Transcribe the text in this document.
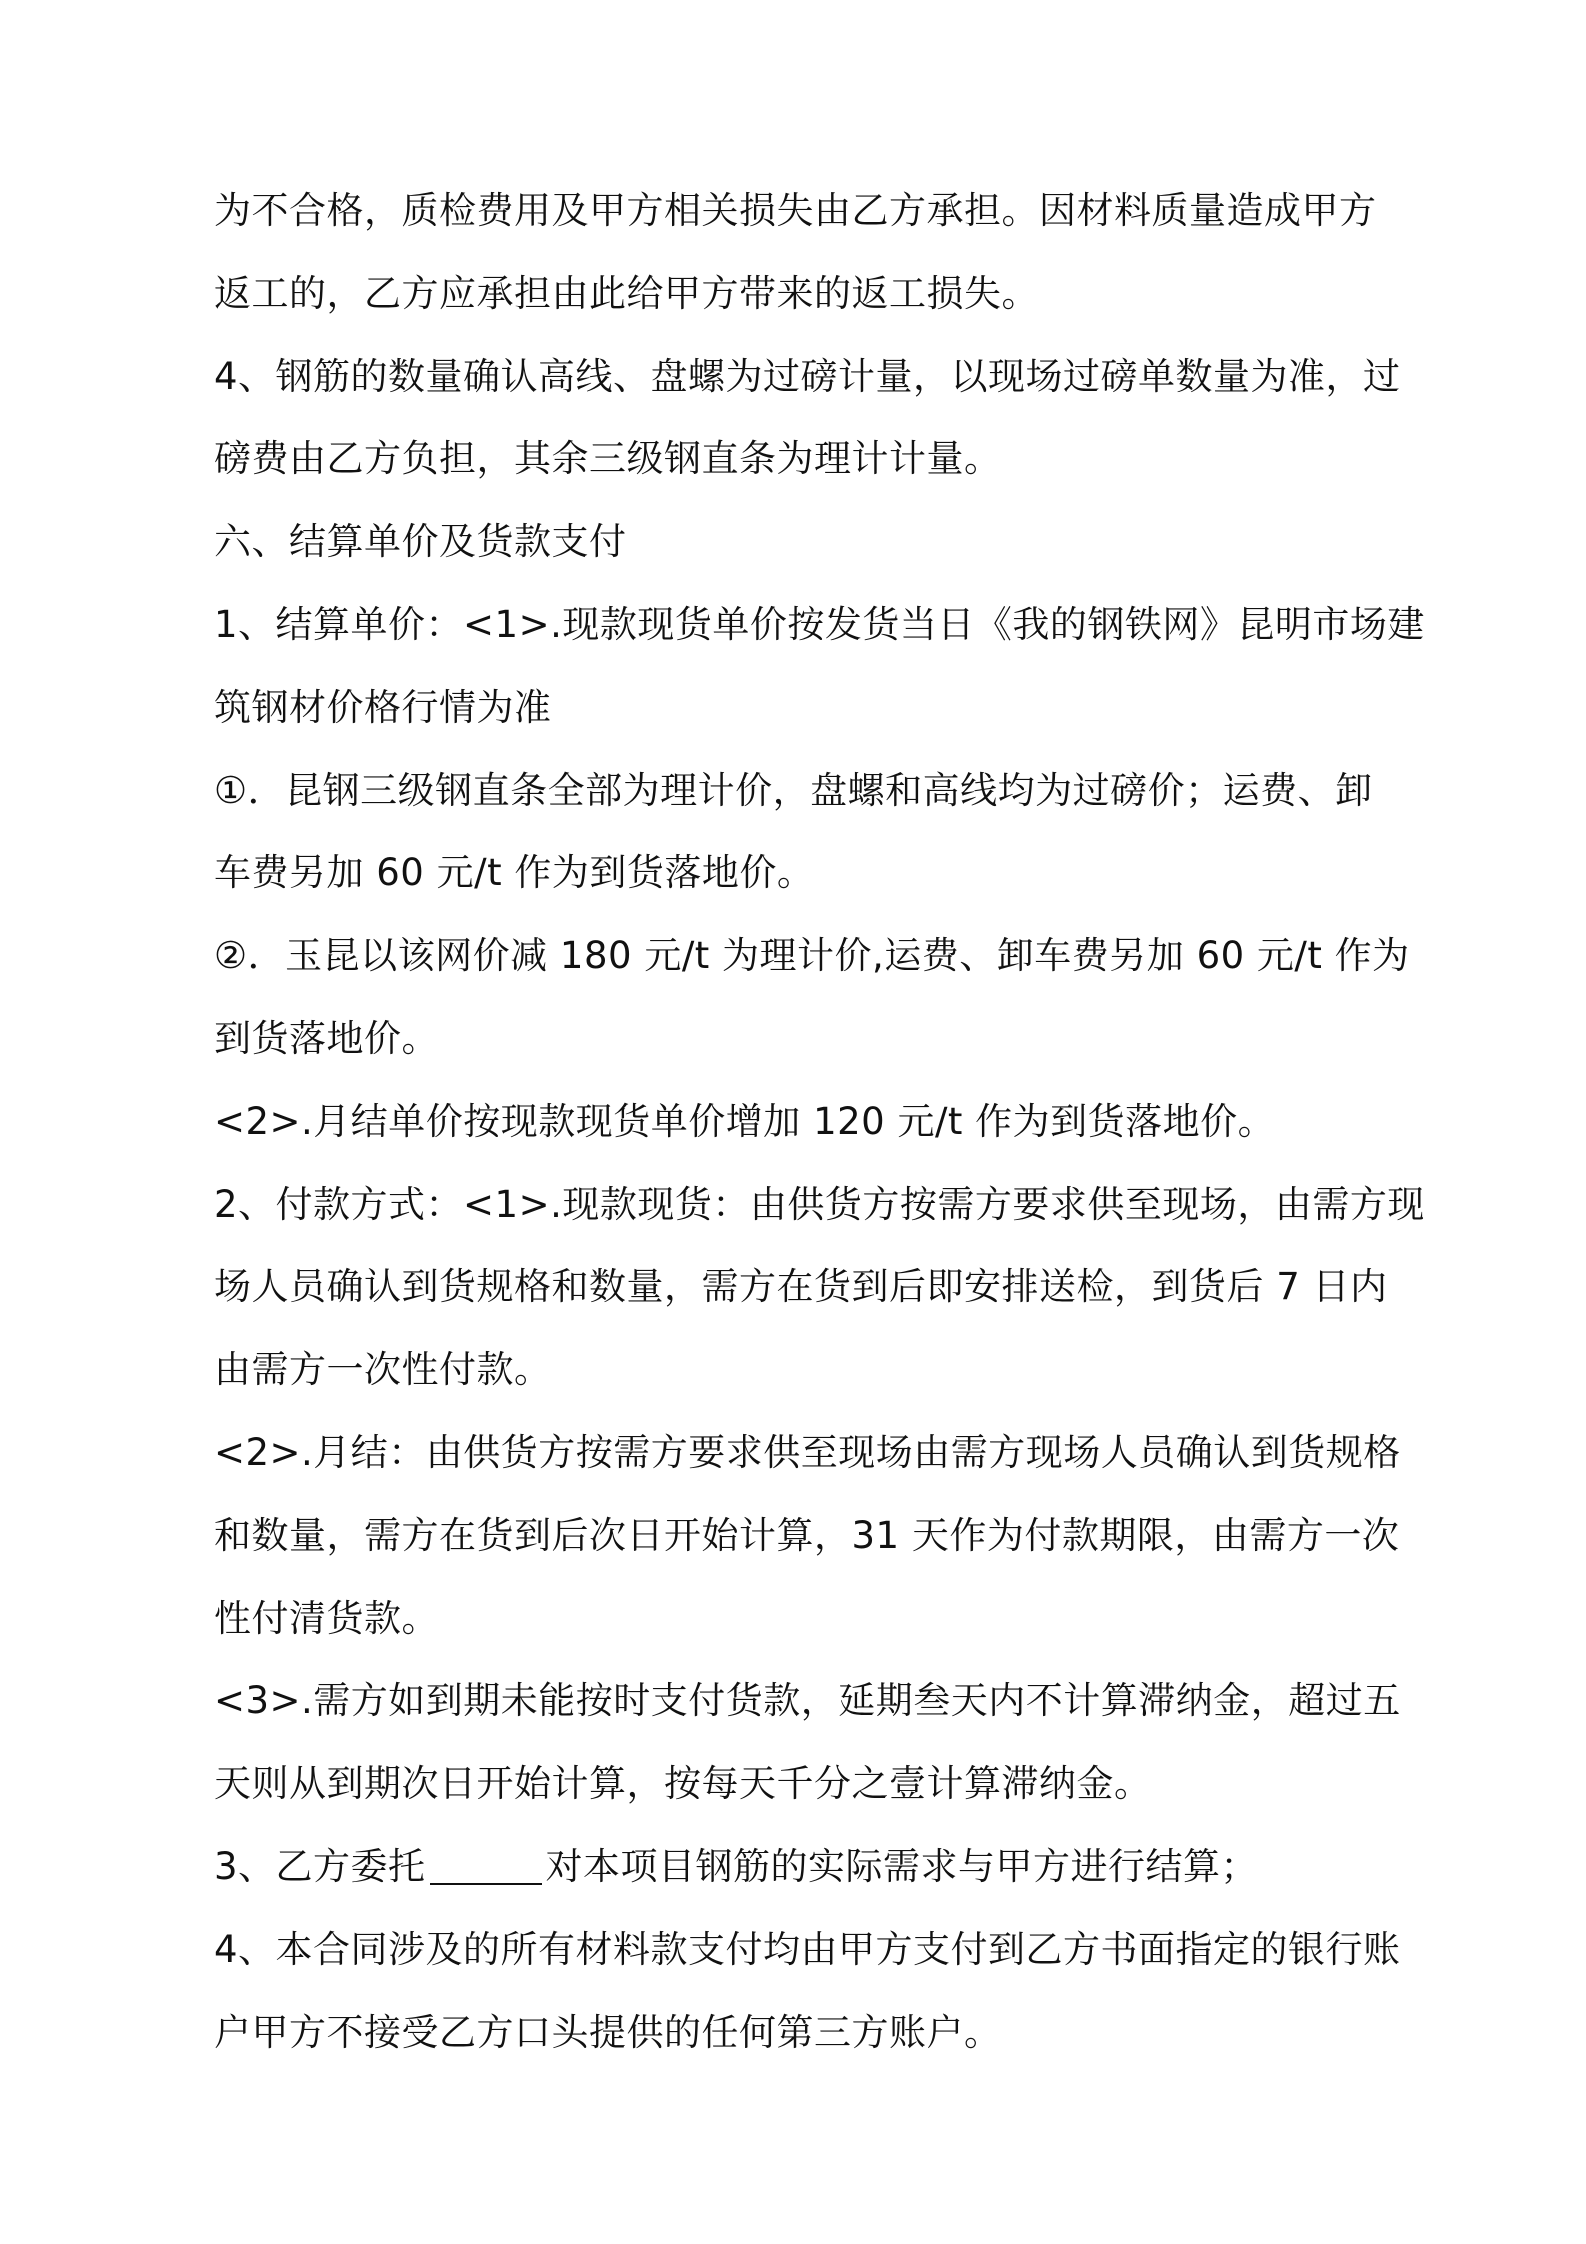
为不合格，质检费用及甲方相关损失由乙方承担。因材料质量造成甲方
返工的，乙方应承担由此给甲方带来的返工损失。
4、钢筋的数量确认高线、盘螺为过磅计量，以现场过磅单数量为准，过
磅费由乙方负担，其余三级钢直条为理计计量。
六、结算单价及货款支付
1、结算单价：<1>.现款现货单价按发货当日《我的钢铁网》昆明市场建
筑钢材价格行情为准
①．昆钢三级钢直条全部为理计价，盘螺和高线均为过磅价；运费、卸
车费另加 60 元/t 作为到货落地价。
②．玉昆以该网价减 180 元/t 为理计价,运费、卸车费另加 60 元/t 作为
到货落地价。
<2>.月结单价按现款现货单价增加 120 元/t 作为到货落地价。
2、付款方式：<1>.现款现货：由供货方按需方要求供至现场，由需方现
场人员确认到货规格和数量，需方在货到后即安排送检，到货后 7 日内
由需方一次性付款。
<2>.月结：由供货方按需方要求供至现场由需方现场人员确认到货规格
和数量，需方在货到后次日开始计算，31 天作为付款期限，由需方一次
性付清货款。
<3>.需方如到期未能按时支付货款，延期叁天内不计算滞纳金，超过五
天则从到期次日开始计算，按每天千分之壹计算滞纳金。
3、乙方委托	对本项目钢筋的实际需求与甲方进行结算；
4、本合同涉及的所有材料款支付均由甲方支付到乙方书面指定的银行账
户甲方不接受乙方口头提供的任何第三方账户。
